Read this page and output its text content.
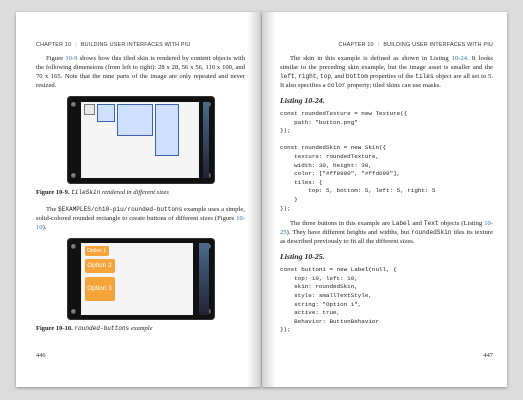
CHAPTER 10 | BUILDING USER INTERFACES WITH PIU

Figure 10-9 shows how this tiled skin is rendered by content objects with the following dimensions (from left to right): 28 x 28, 56 x 56, 110 x 100, and 70 x 165. Note that the nine parts of the image are only repeated and never resized.

Figure 10-9. tileSkin rendered in different sizes

The $EXAMPLES/ch10-piu/rounded-buttons example uses a simple, solid-colored rounded rectangle to create buttons of different sizes (Figure 10-10).

Option 1
Option 2
Option 3
Figure 10-10. rounded-buttons example
446
CHAPTER 10 | BUILDING USER INTERFACES WITH PIU

The skin in this example is defined as shown in Listing 10-24. It looks similar to the preceding skin example, but the image asset is smaller and the left, right, top, and bottom properties of the tiles object are all set to 5. It also specifies a color property; tiled skins can use masks.

Listing 10-24.
const roundedTexture = new Texture({
path: "button.png"
});

const roundedSkin = new Skin({
texture: roundedTexture,
width: 30, height: 30,
color: ["#ff9900", "#ffd699"],
tiles: {
top: 5, bottom: 5, left: 5, right: 5
}
});

The three buttons in this example are Label and Text objects (Listing 10-25). They have different heights and widths, but roundedSkin tiles its texture as described previously to fit all the different sizes.

Listing 10-25.
const button1 = new Label(null, {
top: 10, left: 10,
skin: roundedSkin,
style: smallTextStyle,
string: "Option 1",
active: true,
Behavior: ButtonBehavior
});
447
